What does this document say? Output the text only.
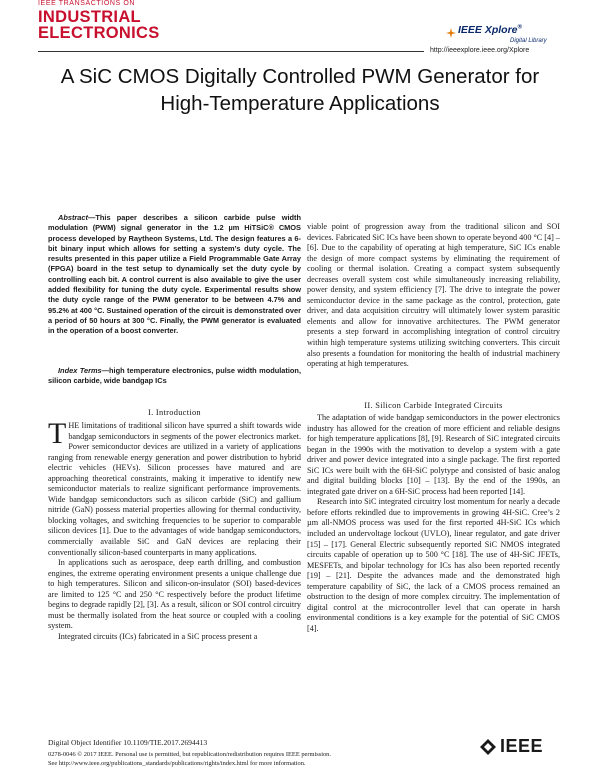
IEEE TRANSACTIONS ON
INDUSTRIAL
ELECTRONICS	IEEE Xplore®
Digital Library
http://ieeexplore.ieee.org/Xplore
A SiC CMOS Digitally Controlled PWM Generator for High-Temperature Applications
Abstract—This paper describes a silicon carbide pulse width modulation (PWM) signal generator in the 1.2 µm HiTSiC® CMOS process developed by Raytheon Systems, Ltd. The design features a 6-bit binary input which allows for setting a system’s duty cycle. The results presented in this paper utilize a Field Programmable Gate Array (FPGA) board in the test setup to dynamically set the duty cycle by controlling each bit. A control current is also available to give the user added flexibility for tuning the duty cycle. Experimental results show the duty cycle range of the PWM generator to be between 4.7% and 95.2% at 400 °C. Sustained operation of the circuit is demonstrated over a period of 50 hours at 300 °C. Finally, the PWM generator is evaluated in the operation of a boost converter.
Index Terms—high temperature electronics, pulse width modulation, silicon carbide, wide bandgap ICs
I. Introduction

THE limitations of traditional silicon have spurred a shift towards wide bandgap semiconductors in segments of the power electronics market. Power semiconductor devices are utilized in a variety of applications ranging from renewable energy generation and power distribution to hybrid electric vehicles (HEVs). Silicon processes have matured and are approaching theoretical constraints, making it imperative to identify new semiconductor materials to realize significant performance improvements. Wide bandgap semiconductors such as silicon carbide (SiC) and gallium nitride (GaN) possess material properties allowing for thermal conductivity, blocking voltages, and switching frequencies to be superior to comparable silicon devices [1]. Due to the advantages of wide bandgap semiconductors, commercially available SiC and GaN devices are replacing their conventionally silicon-based counterparts in many applications.

In applications such as aerospace, deep earth drilling, and combustion engines, the extreme operating environment presents a unique challenge due to high temperatures. Silicon and silicon-on-insulator (SOI) based-devices are limited to 125 °C and 250 °C respectively before the product lifetime begins to degrade rapidly [2], [3]. As a result, silicon or SOI control circuitry must be thermally isolated from the heat source or coupled with a cooling system.

Integrated circuits (ICs) fabricated in a SiC process present a

viable point of progression away from the traditional silicon and SOI devices. Fabricated SiC ICs have been shown to operate beyond 400 °C [4] – [6]. Due to the capability of operating at high temperature, SiC ICs enable the design of more compact systems by eliminating the requirement of cooling or thermal isolation. Creating a compact system subsequently decreases overall system cost while simultaneously increasing reliability, power density, and system efficiency [7]. The drive to integrate the power semiconductor device in the same package as the control, protection, gate driver, and data acquisition circuitry will ultimately lower system parasitic elements and allow for innovative architectures. The PWM generator presents a step forward in accomplishing integration of control circuitry within high temperature systems utilizing switching converters. This circuit also presents a foundation for monitoring the health of industrial machinery operating at high temperatures.

II. Silicon Carbide Integrated Circuits

The adaptation of wide bandgap semiconductors in the power electronics industry has allowed for the creation of more efficient and reliable designs for high temperature applications [8], [9]. Research of SiC integrated circuits began in the 1990s with the motivation to develop a system with a gate driver and power device integrated into a single package. The first reported SiC ICs were built with the 6H-SiC polytype and consisted of basic analog and digital building blocks [10] – [13]. By the end of the 1990s, an integrated gate driver on a 6H-SiC process had been reported [14].

Research into SiC integrated circuitry lost momentum for nearly a decade before efforts rekindled due to improvements in growing 4H-SiC. Cree’s 2 µm all-NMOS process was used for the first reported 4H-SiC ICs which included an undervoltage lockout (UVLO), linear regulator, and gate driver [15] – [17]. General Electric subsequently reported SiC NMOS integrated circuits capable of operation up to 500 °C [18]. The use of 4H-SiC JFETs, MESFETs, and bipolar technology for ICs has also been reported recently [19] – [21]. Despite the advances made and the demonstrated high temperature capability of SiC, the lack of a CMOS process remained an obstruction to the design of more complex circuitry. The implementation of digital control at the microcontroller level that can operate in harsh environmental conditions is a key example for the potential of SiC CMOS [4].

Digital Object Identifier 10.1109/TIE.2017.2694413
0278-0046 © 2017 IEEE. Personal use is permitted, but republication/redistribution requires IEEE permission.
See http://www.ieee.org/publications_standards/publications/rights/index.html for more information.
IEEE
